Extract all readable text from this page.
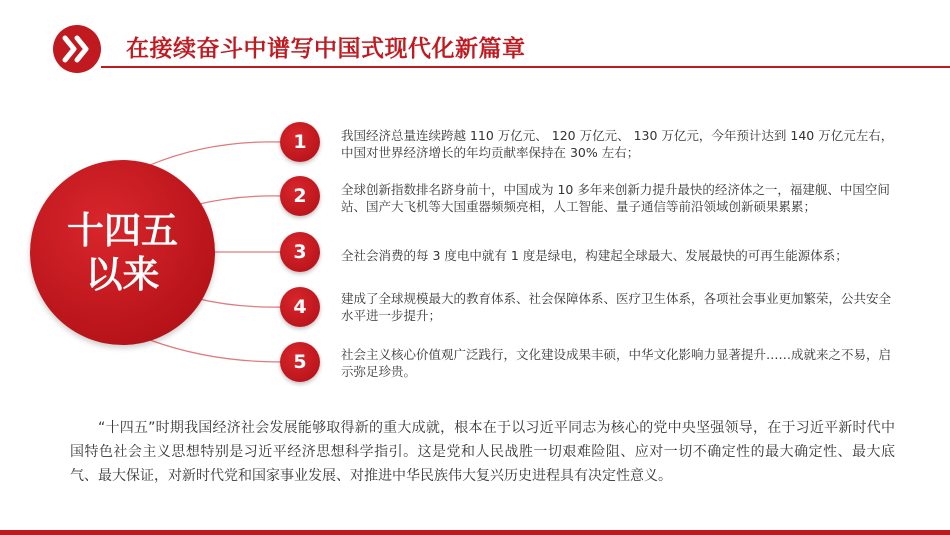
在接续奋斗中谱写中国式现代化新篇章
十四五
以来
1
2
3
4
5
我国经济总量连续跨越 110 万亿元、 120 万亿元、 130 万亿元，今年预计达到 140 万亿元左右，中国对世界经济增长的年均贡献率保持在 30% 左右；
全球创新指数排名跻身前十，中国成为 10 多年来创新力提升最快的经济体之一，福建舰、中国空间站、国产大飞机等大国重器频频亮相，人工智能、量子通信等前沿领域创新硕果累累；
全社会消费的每 3 度电中就有 1 度是绿电，构建起全球最大、发展最快的可再生能源体系；
建成了全球规模最大的教育体系、社会保障体系、医疗卫生体系，各项社会事业更加繁荣，公共安全水平进一步提升；
社会主义核心价值观广泛践行，文化建设成果丰硕，中华文化影响力显著提升……成就来之不易，启示弥足珍贵。
“十四五”时期我国经济社会发展能够取得新的重大成就，根本在于以习近平同志为核心的党中央坚强领导，在于习近平新时代中国特色社会主义思想特别是习近平经济思想科学指引。这是党和人民战胜一切艰难险阻、应对一切不确定性的最大确定性、最大底气、最大保证，对新时代党和国家事业发展、对推进中华民族伟大复兴历史进程具有决定性意义。
